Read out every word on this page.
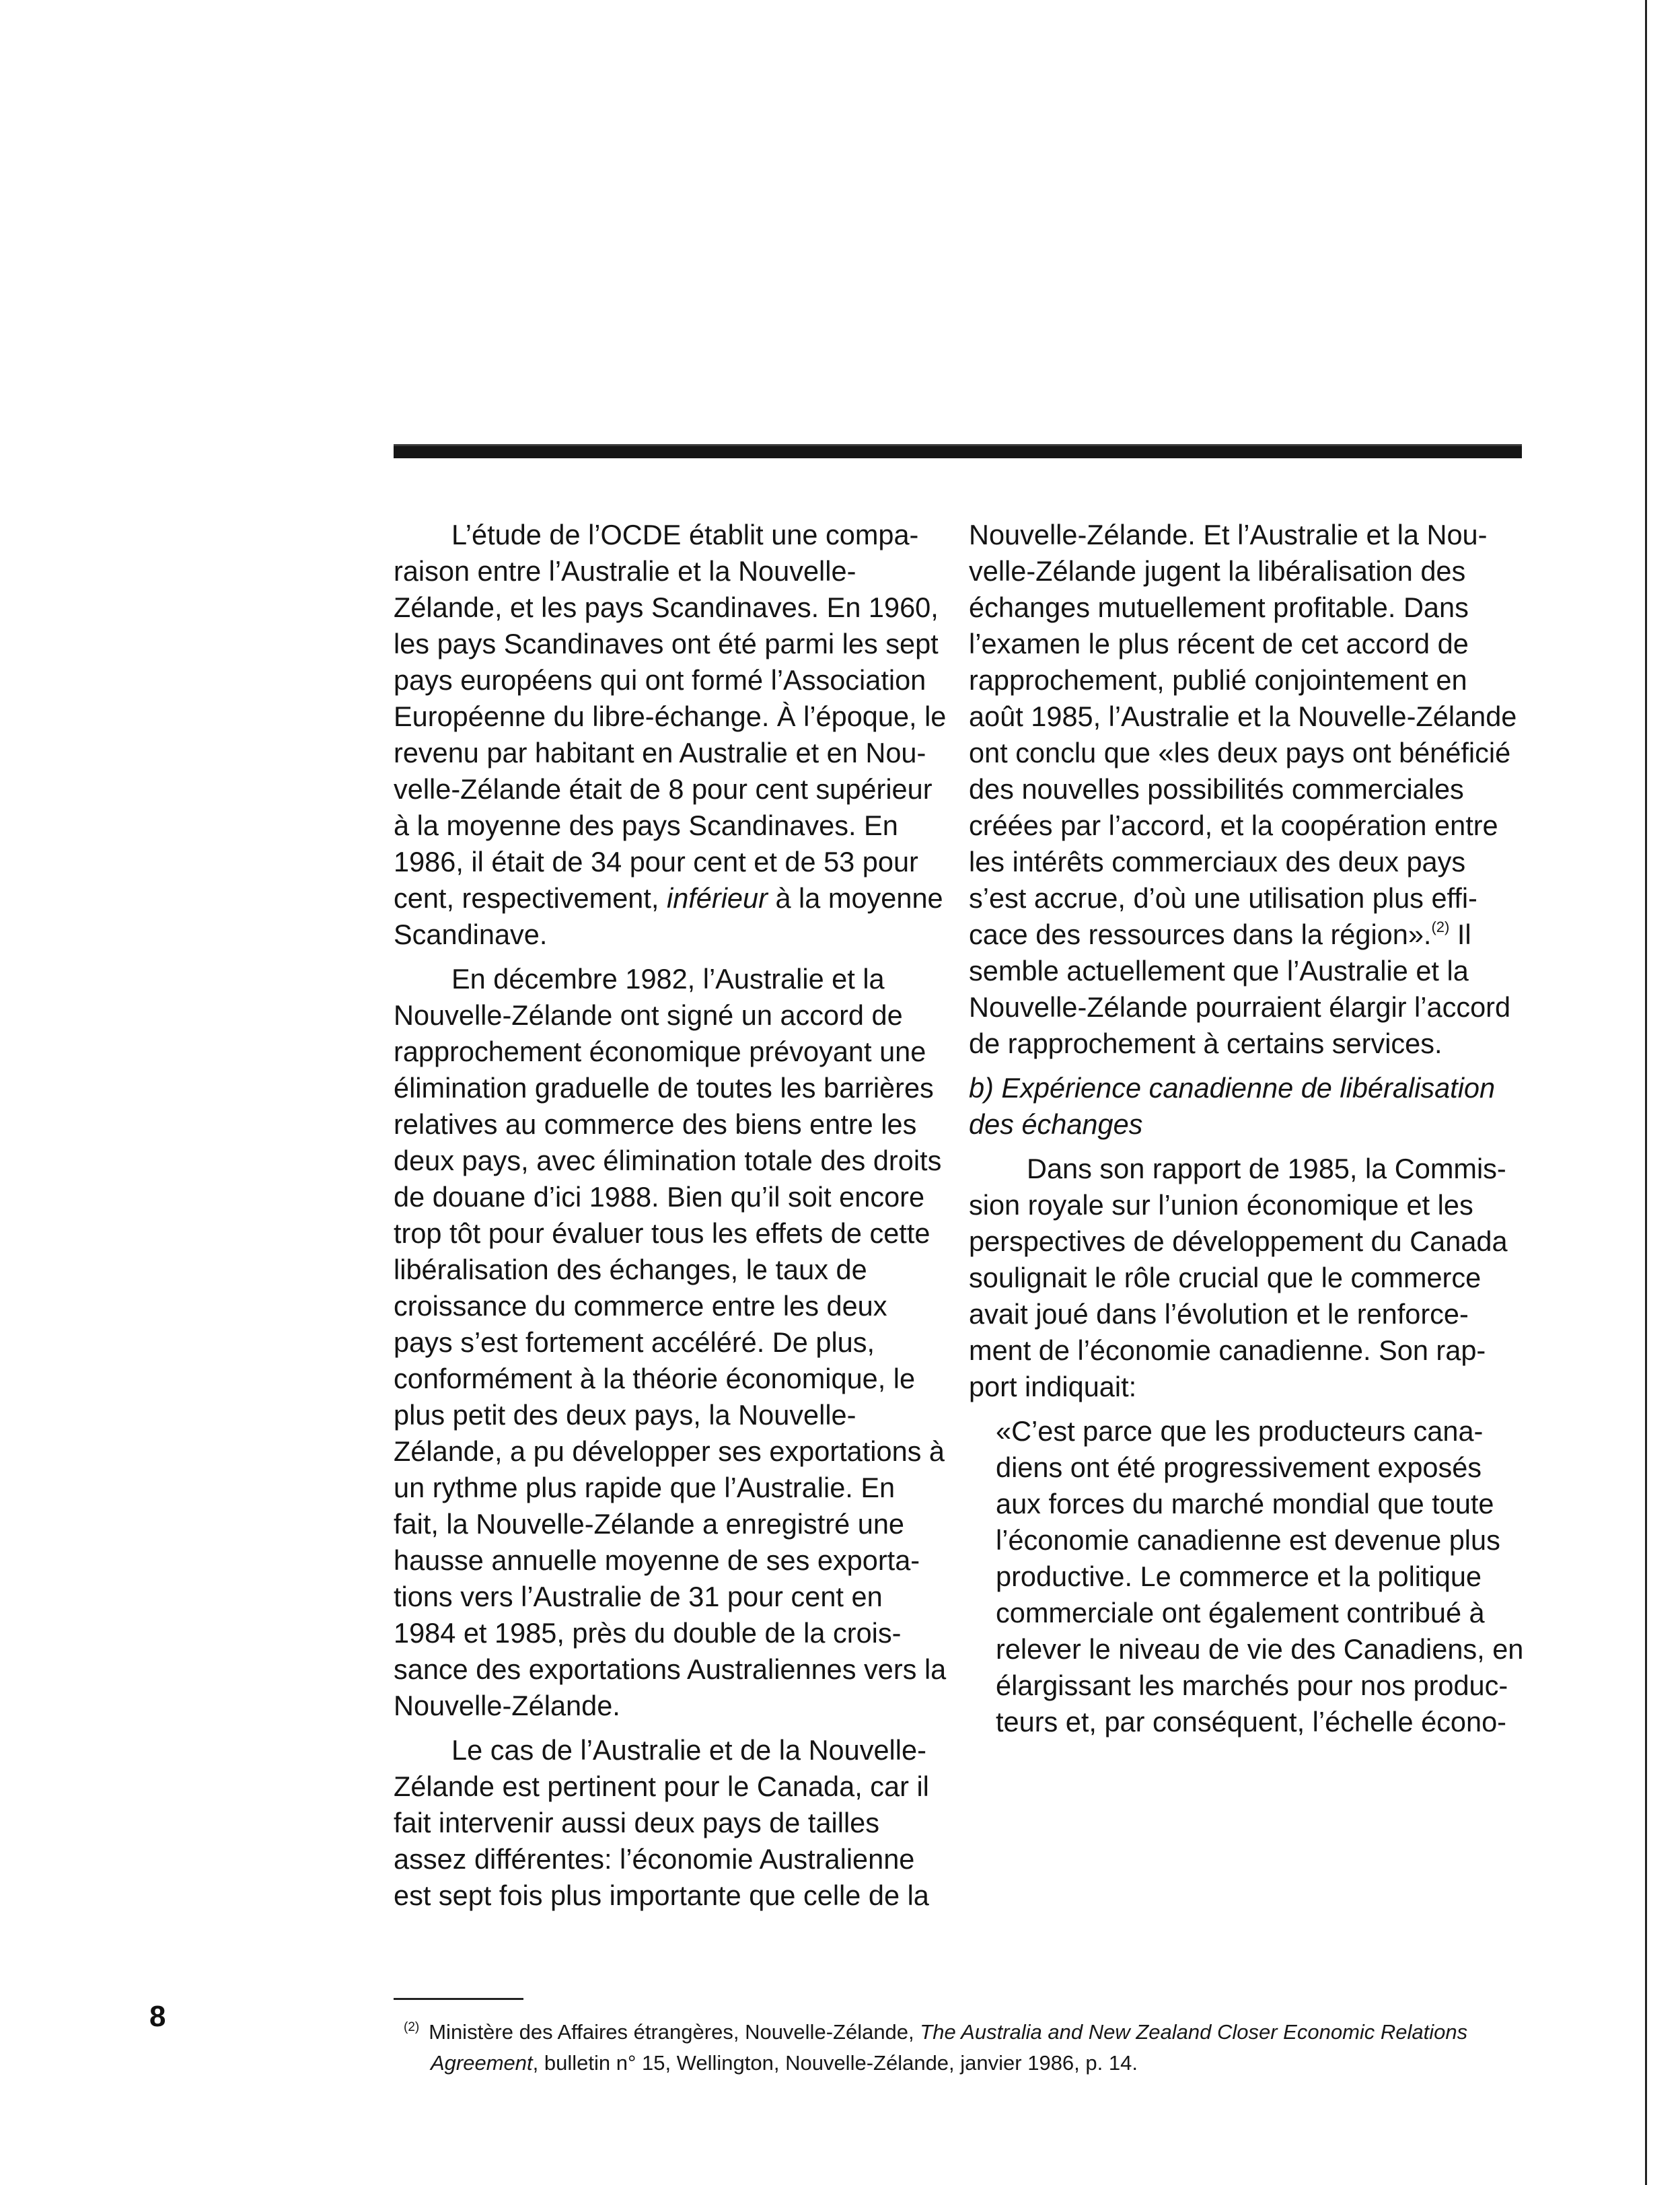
L’étude de l’OCDE établit une compa-
raison entre l’Australie et la Nouvelle-
Zélande, et les pays Scandinaves. En 1960,
les pays Scandinaves ont été parmi les sept
pays européens qui ont formé l’Association
Européenne du libre-échange. À l’époque, le
revenu par habitant en Australie et en Nou-
velle-Zélande était de 8 pour cent supérieur
à la moyenne des pays Scandinaves. En
1986, il était de 34 pour cent et de 53 pour
cent, respectivement, inférieur à la moyenne
Scandinave.
En décembre 1982, l’Australie et la
Nouvelle-Zélande ont signé un accord de
rapprochement économique prévoyant une
élimination graduelle de toutes les barrières
relatives au commerce des biens entre les
deux pays, avec élimination totale des droits
de douane d’ici 1988. Bien qu’il soit encore
trop tôt pour évaluer tous les effets de cette
libéralisation des échanges, le taux de
croissance du commerce entre les deux
pays s’est fortement accéléré. De plus,
conformément à la théorie économique, le
plus petit des deux pays, la Nouvelle-
Zélande, a pu développer ses exportations à
un rythme plus rapide que l’Australie. En
fait, la Nouvelle-Zélande a enregistré une
hausse annuelle moyenne de ses exporta-
tions vers l’Australie de 31 pour cent en
1984 et 1985, près du double de la crois-
sance des exportations Australiennes vers la
Nouvelle-Zélande.
Le cas de l’Australie et de la Nouvelle-
Zélande est pertinent pour le Canada, car il
fait intervenir aussi deux pays de tailles
assez différentes: l’économie Australienne
est sept fois plus importante que celle de la
Nouvelle-Zélande. Et l’Australie et la Nou-
velle-Zélande jugent la libéralisation des
échanges mutuellement profitable. Dans
l’examen le plus récent de cet accord de
rapprochement, publié conjointement en
août 1985, l’Australie et la Nouvelle-Zélande
ont conclu que «les deux pays ont bénéficié
des nouvelles possibilités commerciales
créées par l’accord, et la coopération entre
les intérêts commerciaux des deux pays
s’est accrue, d’où une utilisation plus effi-
cace des ressources dans la région».$^{(2)}$ Il
semble actuellement que l’Australie et la
Nouvelle-Zélande pourraient élargir l’accord
de rapprochement à certains services.
b) Expérience canadienne de libéralisation
des échanges
Dans son rapport de 1985, la Commis-
sion royale sur l’union économique et les
perspectives de développement du Canada
soulignait le rôle crucial que le commerce
avait joué dans l’évolution et le renforce-
ment de l’économie canadienne. Son rap-
port indiquait:
«C’est parce que les producteurs cana-
diens ont été progressivement exposés
aux forces du marché mondial que toute
l’économie canadienne est devenue plus
productive. Le commerce et la politique
commerciale ont également contribué à
relever le niveau de vie des Canadiens, en
élargissant les marchés pour nos produc-
teurs et, par conséquent, l’échelle écono-
8	$^{(2)}$ Ministère des Affaires étrangères, Nouvelle-Zélande, The Australia and New Zealand Closer Economic Relations
Agreement, bulletin n° 15, Wellington, Nouvelle-Zélande, janvier 1986, p. 14.
